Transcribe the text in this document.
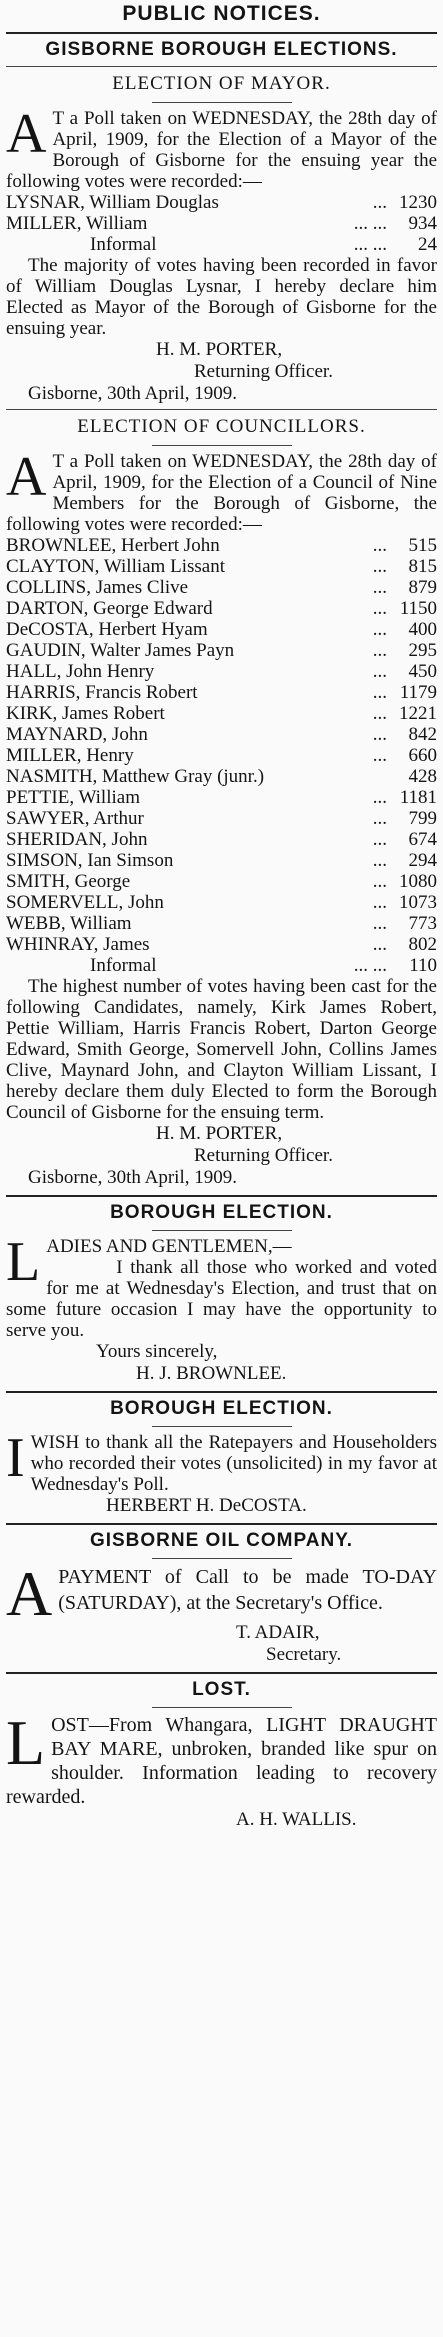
PUBLIC NOTICES.
GISBORNE BOROUGH ELECTIONS.
ELECTION OF MAYOR.

A T a Poll taken on WEDNESDAY, the 28th day of April, 1909, for the Election of a Mayor of the Borough of Gisborne for the ensuing year the following votes were recorded:—

LYSNAR, William Douglas	... 1230
MILLER, William	... ...	934
Informal	... ...	24

The majority of votes having been recorded in favor of William Douglas Lysnar, I hereby declare him Elected as Mayor of the Borough of Gisborne for the ensuing year.

H. M. PORTER,
Returning Officer.
Gisborne, 30th April, 1909.
ELECTION OF COUNCILLORS.

A T a Poll taken on WEDNESDAY, the 28th day of April, 1909, for the Election of a Council of Nine Members for the Borough of Gisborne, the following votes were recorded:—

BROWNLEE, Herbert John	...	515
CLAYTON, William Lissant	...	815
COLLINS, James Clive	...	879
DARTON, George Edward	... 1150
DeCOSTA, Herbert Hyam	...	400
GAUDIN, Walter James Payn	...	295
HALL, John Henry	...	450
HARRIS, Francis Robert	... 1179
KIRK, James Robert	... 1221
MAYNARD, John	...	842
MILLER, Henry	...	660
NASMITH, Matthew Gray (junr.)	428
PETTIE, William	... 1181
SAWYER, Arthur	...	799
SHERIDAN, John	...	674
SIMSON, Ian Simson	...	294
SMITH, George	... 1080
SOMERVELL, John	... 1073
WEBB, William	...	773
WHINRAY, James	...	802
Informal	... ...	110

The highest number of votes having been cast for the following Candidates, namely, Kirk James Robert, Pettie William, Harris Francis Robert, Darton George Edward, Smith George, Somervell John, Collins James Clive, Maynard John, and Clayton William Lissant, I hereby declare them duly Elected to form the Borough Council of Gisborne for the ensuing term.

H. M. PORTER,
Returning Officer.
Gisborne, 30th April, 1909.
BOROUGH ELECTION.

LADIES AND GENTLEMEN,—
I thank all those who worked and voted for me at Wednesday's Election, and trust that on some future occasion I may have the opportunity to serve you.

Yours sincerely,
H. J. BROWNLEE.
BOROUGH ELECTION.

IWISH to thank all the Ratepayers and Householders who recorded their votes (unsolicited) in my favor at Wednesday's Poll.

HERBERT H. DeCOSTA.
GISBORNE OIL COMPANY.

APAYMENT of Call to be made TO-DAY (SATURDAY), at the Secretary's Office.

T. ADAIR,
Secretary.
LOST.

LOST—From Whangara, LIGHT DRAUGHT BAY MARE, unbroken, branded like spur on shoulder. Information leading to recovery rewarded.

A. H. WALLIS.
